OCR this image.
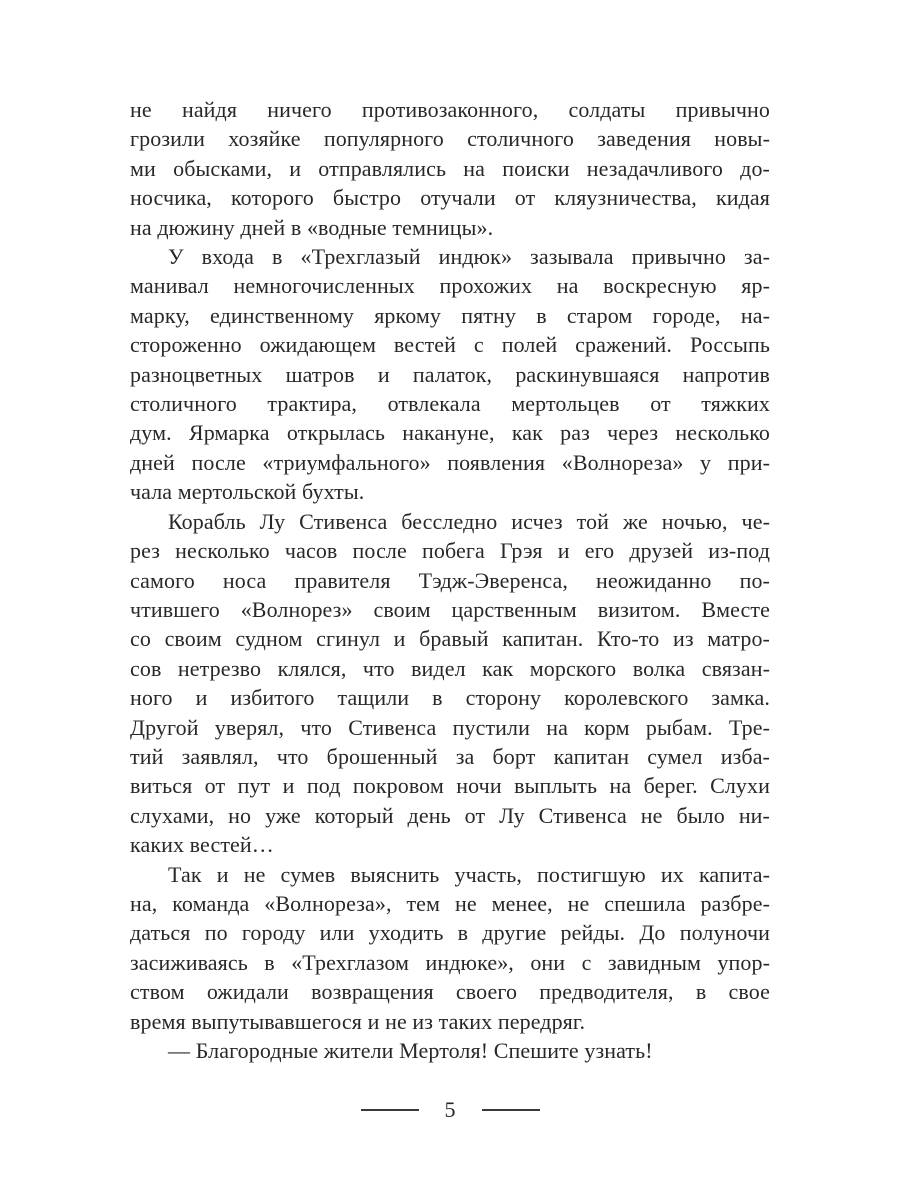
не найдя ничего противозаконного, солдаты привычно
грозили хозяйке популярного столичного заведения новы-
ми обысками, и отправлялись на поиски незадачливого до-
носчика, которого быстро отучали от кляузничества, кидая
на дюжину дней в «водные темницы».
У входа в «Трехглазый индюк» зазывала привычно за-
манивал немногочисленных прохожих на воскресную яр-
марку, единственному яркому пятну в старом городе, на-
стороженно ожидающем вестей с полей сражений. Россыпь
разноцветных шатров и палаток, раскинувшаяся напротив
столичного трактира, отвлекала мертольцев от тяжких
дум. Ярмарка открылась накануне, как раз через несколько
дней после «триумфального» появления «Волнореза» у при-
чала мертольской бухты.
Корабль Лу Стивенса бесследно исчез той же ночью, че-
рез несколько часов после побега Грэя и его друзей из-под
самого носа правителя Тэдж-Эверенса, неожиданно по-
чтившего «Волнорез» своим царственным визитом. Вместе
со своим судном сгинул и бравый капитан. Кто-то из матро-
сов нетрезво клялся, что видел как морского волка связан-
ного и избитого тащили в сторону королевского замка.
Другой уверял, что Стивенса пустили на корм рыбам. Тре-
тий заявлял, что брошенный за борт капитан сумел изба-
виться от пут и под покровом ночи выплыть на берег. Слухи
слухами, но уже который день от Лу Стивенса не было ни-
каких вестей…
Так и не сумев выяснить участь, постигшую их капита-
на, команда «Волнореза», тем не менее, не спешила разбре-
даться по городу или уходить в другие рейды. До полуночи
засиживаясь в «Трехглазом индюке», они с завидным упор-
ством ожидали возвращения своего предводителя, в свое
время выпутывавшегося и не из таких передряг.
— Благородные жители Мертоля! Спешите узнать!
5
